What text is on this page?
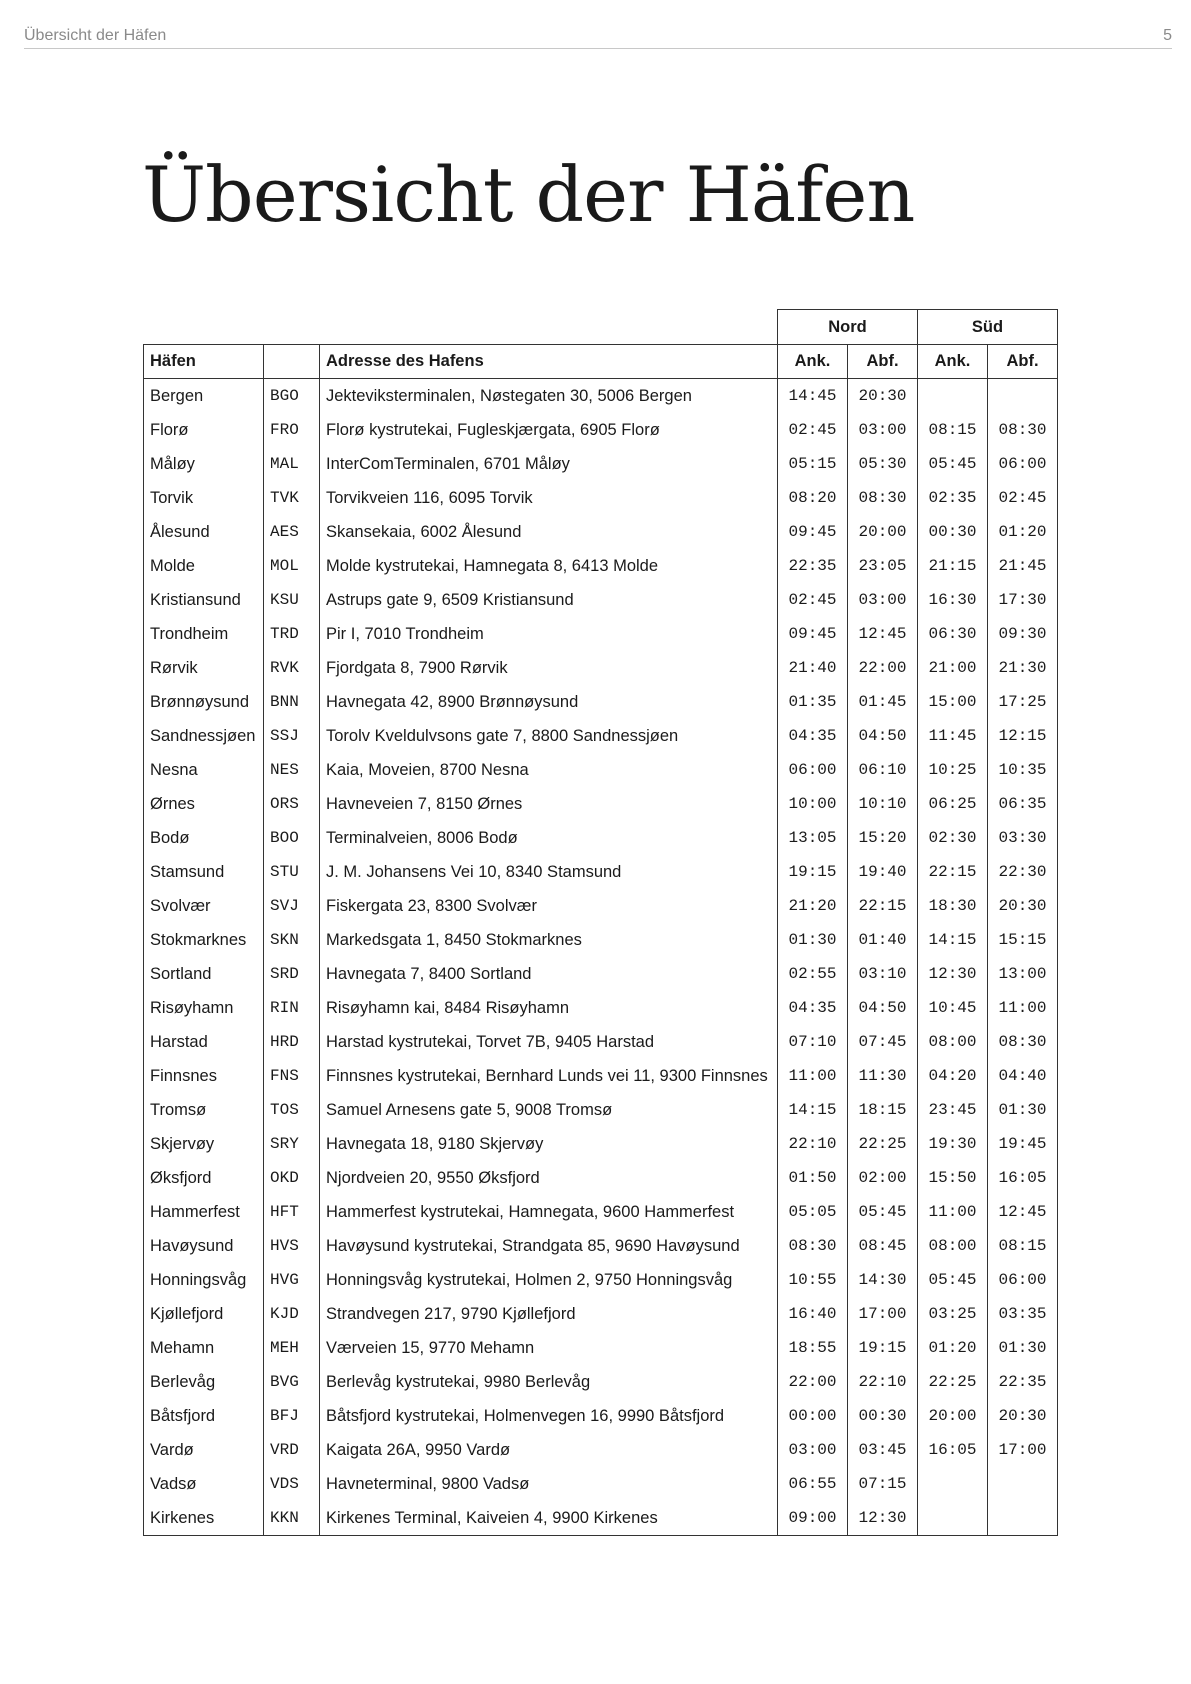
Übersicht der Häfen	5
Übersicht der Häfen
			Nord		Süd	
Häfen		Adresse des Hafens	Ank.	Abf.	Ank.	Abf.
Bergen	BGO	Jekteviksterminalen, Nøstegaten 30, 5006 Bergen	14:45	20:30		
Florø	FRO	Florø kystrutekai, Fugleskjærgata, 6905 Florø	02:45	03:00	08:15	08:30
Måløy	MAL	InterComTerminalen, 6701 Måløy	05:15	05:30	05:45	06:00
Torvik	TVK	Torvikveien 116, 6095 Torvik	08:20	08:30	02:35	02:45
Ålesund	AES	Skansekaia, 6002 Ålesund	09:45	20:00	00:30	01:20
Molde	MOL	Molde kystrutekai, Hamnegata 8, 6413 Molde	22:35	23:05	21:15	21:45
Kristiansund	KSU	Astrups gate 9, 6509 Kristiansund	02:45	03:00	16:30	17:30
Trondheim	TRD	Pir I, 7010 Trondheim	09:45	12:45	06:30	09:30
Rørvik	RVK	Fjordgata 8, 7900 Rørvik	21:40	22:00	21:00	21:30
Brønnøysund	BNN	Havnegata 42, 8900 Brønnøysund	01:35	01:45	15:00	17:25
Sandnessjøen	SSJ	Torolv Kveldulvsons gate 7, 8800 Sandnessjøen	04:35	04:50	11:45	12:15
Nesna	NES	Kaia, Moveien, 8700 Nesna	06:00	06:10	10:25	10:35
Ørnes	ORS	Havneveien 7, 8150 Ørnes	10:00	10:10	06:25	06:35
Bodø	BOO	Terminalveien, 8006 Bodø	13:05	15:20	02:30	03:30
Stamsund	STU	J. M. Johansens Vei 10, 8340 Stamsund	19:15	19:40	22:15	22:30
Svolvær	SVJ	Fiskergata 23, 8300 Svolvær	21:20	22:15	18:30	20:30
Stokmarknes	SKN	Markedsgata 1, 8450 Stokmarknes	01:30	01:40	14:15	15:15
Sortland	SRD	Havnegata 7, 8400 Sortland	02:55	03:10	12:30	13:00
Risøyhamn	RIN	Risøyhamn kai, 8484 Risøyhamn	04:35	04:50	10:45	11:00
Harstad	HRD	Harstad kystrutekai, Torvet 7B, 9405 Harstad	07:10	07:45	08:00	08:30
Finnsnes	FNS	Finnsnes kystrutekai, Bernhard Lunds vei 11, 9300 Finnsnes	11:00	11:30	04:20	04:40
Tromsø	TOS	Samuel Arnesens gate 5, 9008 Tromsø	14:15	18:15	23:45	01:30
Skjervøy	SRY	Havnegata 18, 9180 Skjervøy	22:10	22:25	19:30	19:45
Øksfjord	OKD	Njordveien 20, 9550 Øksfjord	01:50	02:00	15:50	16:05
Hammerfest	HFT	Hammerfest kystrutekai, Hamnegata, 9600 Hammerfest	05:05	05:45	11:00	12:45
Havøysund	HVS	Havøysund kystrutekai, Strandgata 85, 9690 Havøysund	08:30	08:45	08:00	08:15
Honningsvåg	HVG	Honningsvåg kystrutekai, Holmen 2, 9750 Honningsvåg	10:55	14:30	05:45	06:00
Kjøllefjord	KJD	Strandvegen 217, 9790 Kjøllefjord	16:40	17:00	03:25	03:35
Mehamn	MEH	Værveien 15, 9770 Mehamn	18:55	19:15	01:20	01:30
Berlevåg	BVG	Berlevåg kystrutekai, 9980 Berlevåg	22:00	22:10	22:25	22:35
Båtsfjord	BFJ	Båtsfjord kystrutekai, Holmenvegen 16, 9990 Båtsfjord	00:00	00:30	20:00	20:30
Vardø	VRD	Kaigata 26A, 9950 Vardø	03:00	03:45	16:05	17:00
Vadsø	VDS	Havneterminal, 9800 Vadsø	06:55	07:15		
Kirkenes	KKN	Kirkenes Terminal, Kaiveien 4, 9900 Kirkenes	09:00	12:30		
